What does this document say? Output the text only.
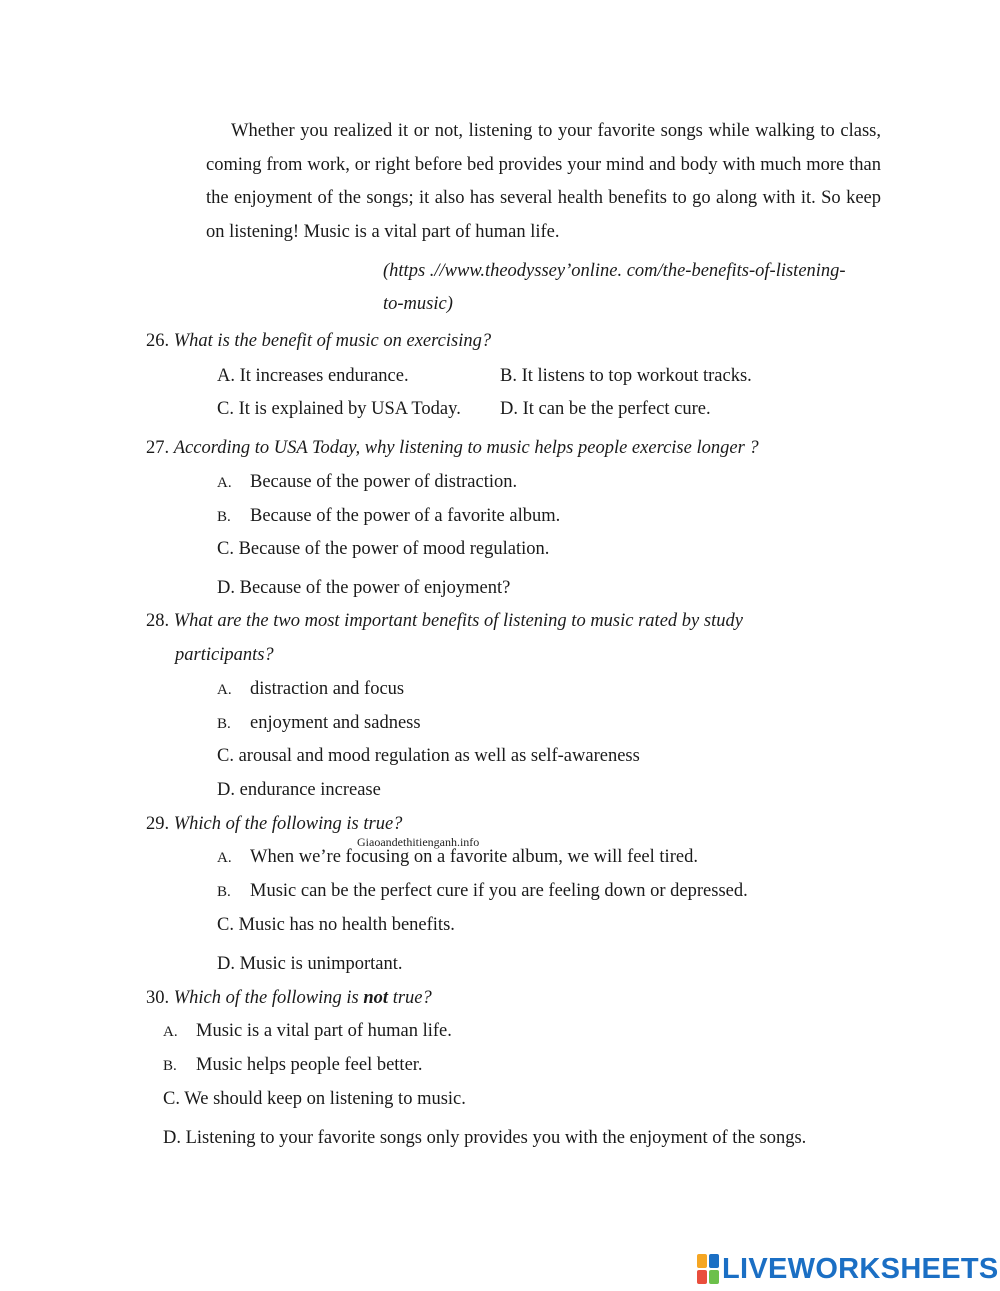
Whether you realized it or not, listening to your favorite songs while walking to class, coming from work, or right before bed provides your mind and body with much more than the enjoyment of the songs; it also has several health benefits to go along with it. So keep on listening! Music is a vital part of human life.
(https .//www.theodyssey’online. com/the-benefits-of-listening-
to-music)
26. What is the benefit of music on exercising?
A. It increases endurance.	B. It listens to top workout tracks.
C. It is explained by USA Today. D. It can be the perfect cure.
27. According to USA Today, why listening to music helps people exercise longer ?
A. Because of the power of distraction.
B. Because of the power of a favorite album.
C. Because of the power of mood regulation.
D. Because of the power of enjoyment?
28. What are the two most important benefits of listening to music rated by study
participants?
A. distraction and focus
B. enjoyment and sadness
C. arousal and mood regulation as well as self-awareness
D. endurance increase
29. Which of the following is true?
Giaoandethitienganh.info
A. When we’re focusing on a favorite album, we will feel tired.
B. Music can be the perfect cure if you are feeling down or depressed.
C. Music has no health benefits.
D. Music is unimportant.
30. Which of the following is not true?
A. Music is a vital part of human life.
B. Music helps people feel better.
C. We should keep on listening to music.
D. Listening to your favorite songs only provides you with the enjoyment of the songs.
LIVEWORKSHEETS
